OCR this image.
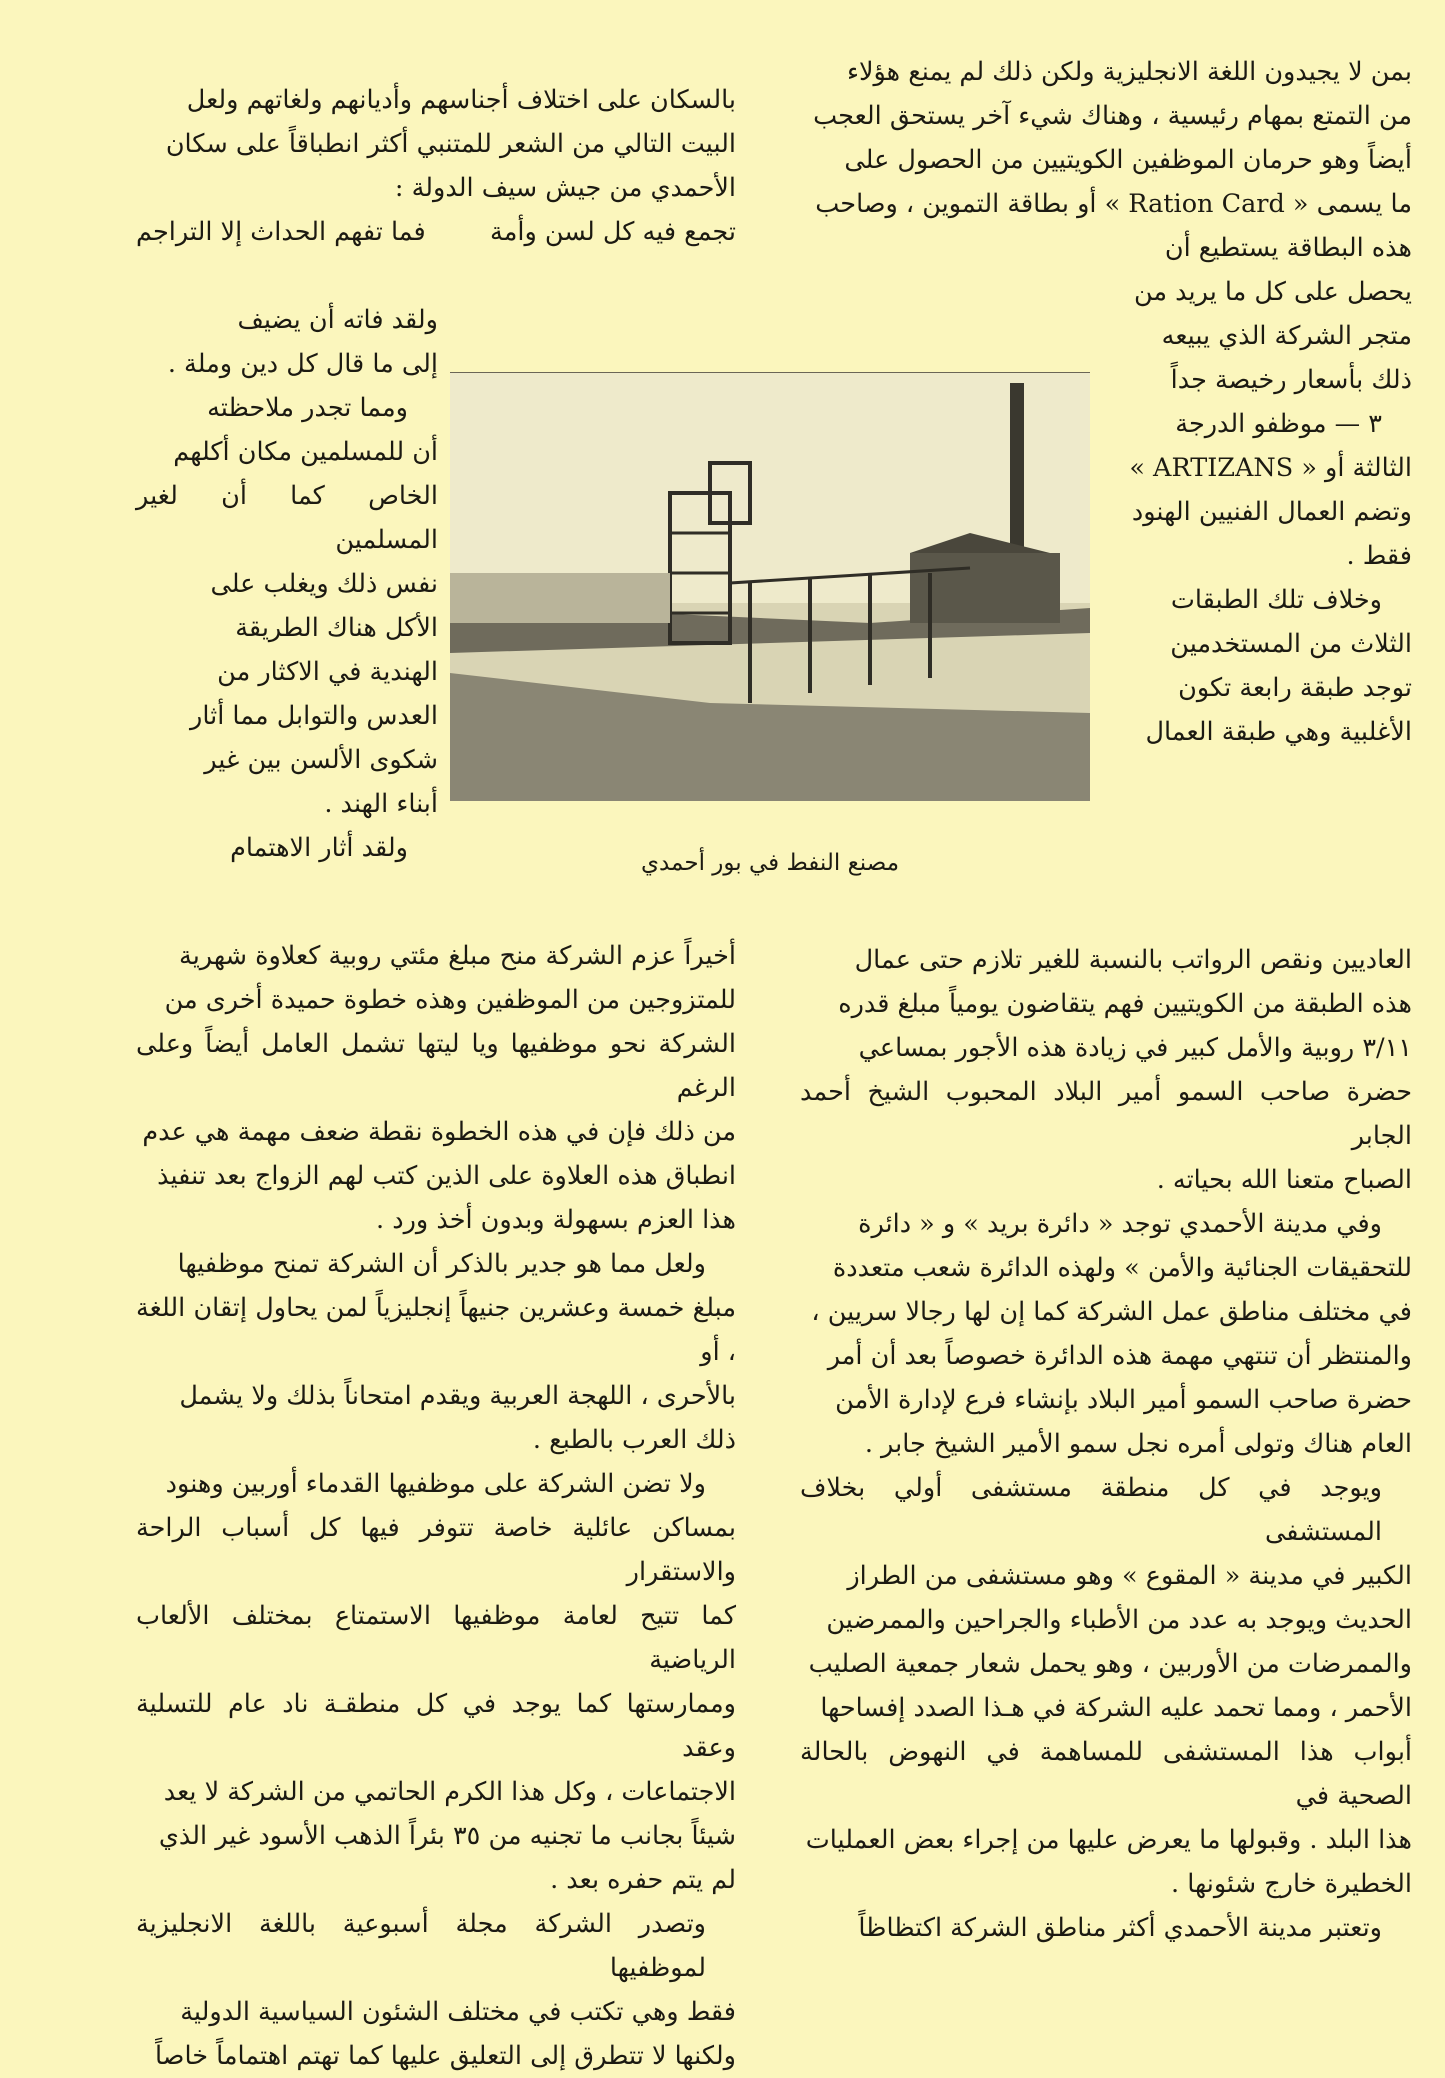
بمن لا يجيدون اللغة الانجليزية ولكن ذلك لم يمنع هؤلاء

من التمتع بمهام رئيسية ، وهناك شيء آخر يستحق العجب

أيضاً وهو حرمان الموظفين الكويتيين من الحصول على

ما يسمى « Ration Card » أو بطاقة التموين ، وصاحب

هذه البطاقة يستطيع أن

يحصل على كل ما يريد من

متجر الشركة الذي يبيعه

ذلك بأسعار رخيصة جداً

٣ — موظفو الدرجة

الثالثة أو « ARTIZANS »

وتضم العمال الفنيين الهنود

فقط .

وخلاف تلك الطبقات

الثلاث من المستخدمين

توجد طبقة رابعة تكون

الأغلبية وهي طبقة العمال

بالسكان على اختلاف أجناسهم وأديانهم ولغاتهم ولعل

البيت التالي من الشعر للمتنبي أكثر انطباقاً على سكان

الأحمدي من جيش سيف الدولة :

تجمع فيه كل لسن وأمة
فما تفهم الحداث إلا التراجم

ولقد فاته أن يضيف

إلى ما قال كل دين وملة .

ومما تجدر ملاحظته

أن للمسلمين مكان أكلهم

الخاص كما أن لغير المسلمين

نفس ذلك ويغلب على

الأكل هناك الطريقة

الهندية في الاكثار من

العدس والتوابل مما أثار

شكوى الألسن بين غير

أبناء الهند .

ولقد أثار الاهتمام	مصنع النفط في بور أحمدي

العاديين ونقص الرواتب بالنسبة للغير تلازم حتى عمال

هذه الطبقة من الكويتيين فهم يتقاضون يومياً مبلغ قدره

٣/١١ روبية والأمل كبير في زيادة هذه الأجور بمساعي

حضرة صاحب السمو أمير البلاد المحبوب الشيخ أحمد الجابر

الصباح متعنا الله بحياته .

وفي مدينة الأحمدي توجد « دائرة بريد » و « دائرة

للتحقيقات الجنائية والأمن » ولهذه الدائرة شعب متعددة

في مختلف مناطق عمل الشركة كما إن لها رجالا سريين ،

والمنتظر أن تنتهي مهمة هذه الدائرة خصوصاً بعد أن أمر

حضرة صاحب السمو أمير البلاد بإنشاء فرع لإدارة الأمن

العام هناك وتولى أمره نجل سمو الأمير الشيخ جابر .

ويوجد في كل منطقة مستشفى أولي بخلاف المستشفى

الكبير في مدينة « المقوع » وهو مستشفى من الطراز

الحديث ويوجد به عدد من الأطباء والجراحين والممرضين

والممرضات من الأوربين ، وهو يحمل شعار جمعية الصليب

الأحمر ، ومما تحمد عليه الشركة في هـذا الصدد إفساحها

أبواب هذا المستشفى للمساهمة في النهوض بالحالة الصحية في

هذا البلد . وقبولها ما يعرض عليها من إجراء بعض العمليات

الخطيرة خارج شئونها .

وتعتبر مدينة الأحمدي أكثر مناطق الشركة اكتظاظاً

أخيراً عزم الشركة منح مبلغ مئتي روبية كعلاوة شهرية

للمتزوجين من الموظفين وهذه خطوة حميدة أخرى من

الشركة نحو موظفيها ويا ليتها تشمل العامل أيضاً وعلى الرغم

من ذلك فإن في هذه الخطوة نقطة ضعف مهمة هي عدم

انطباق هذه العلاوة على الذين كتب لهم الزواج بعد تنفيذ

هذا العزم بسهولة وبدون أخذ ورد .

ولعل مما هو جدير بالذكر أن الشركة تمنح موظفيها

مبلغ خمسة وعشرين جنيهاً إنجليزياً لمن يحاول إتقان اللغة ، أو

بالأحرى ، اللهجة العربية ويقدم امتحاناً بذلك ولا يشمل

ذلك العرب بالطبع .

ولا تضن الشركة على موظفيها القدماء أوربين وهنود

بمساكن عائلية خاصة تتوفر فيها كل أسباب الراحة والاستقرار

كما تتيح لعامة موظفيها الاستمتاع بمختلف الألعاب الرياضية

وممارستها كما يوجد في كل منطقـة ناد عام للتسلية وعقد

الاجتماعات ، وكل هذا الكرم الحاتمي من الشركة لا يعد

شيئاً بجانب ما تجنيه من ٣٥ بئراً الذهب الأسود غير الذي

لم يتم حفره بعد .

وتصدر الشركة مجلة أسبوعية باللغة الانجليزية لموظفيها

فقط وهي تكتب في مختلف الشئون السياسية الدولية

ولكنها لا تتطرق إلى التعليق عليها كما تهتم اهتماماً خاصاً
